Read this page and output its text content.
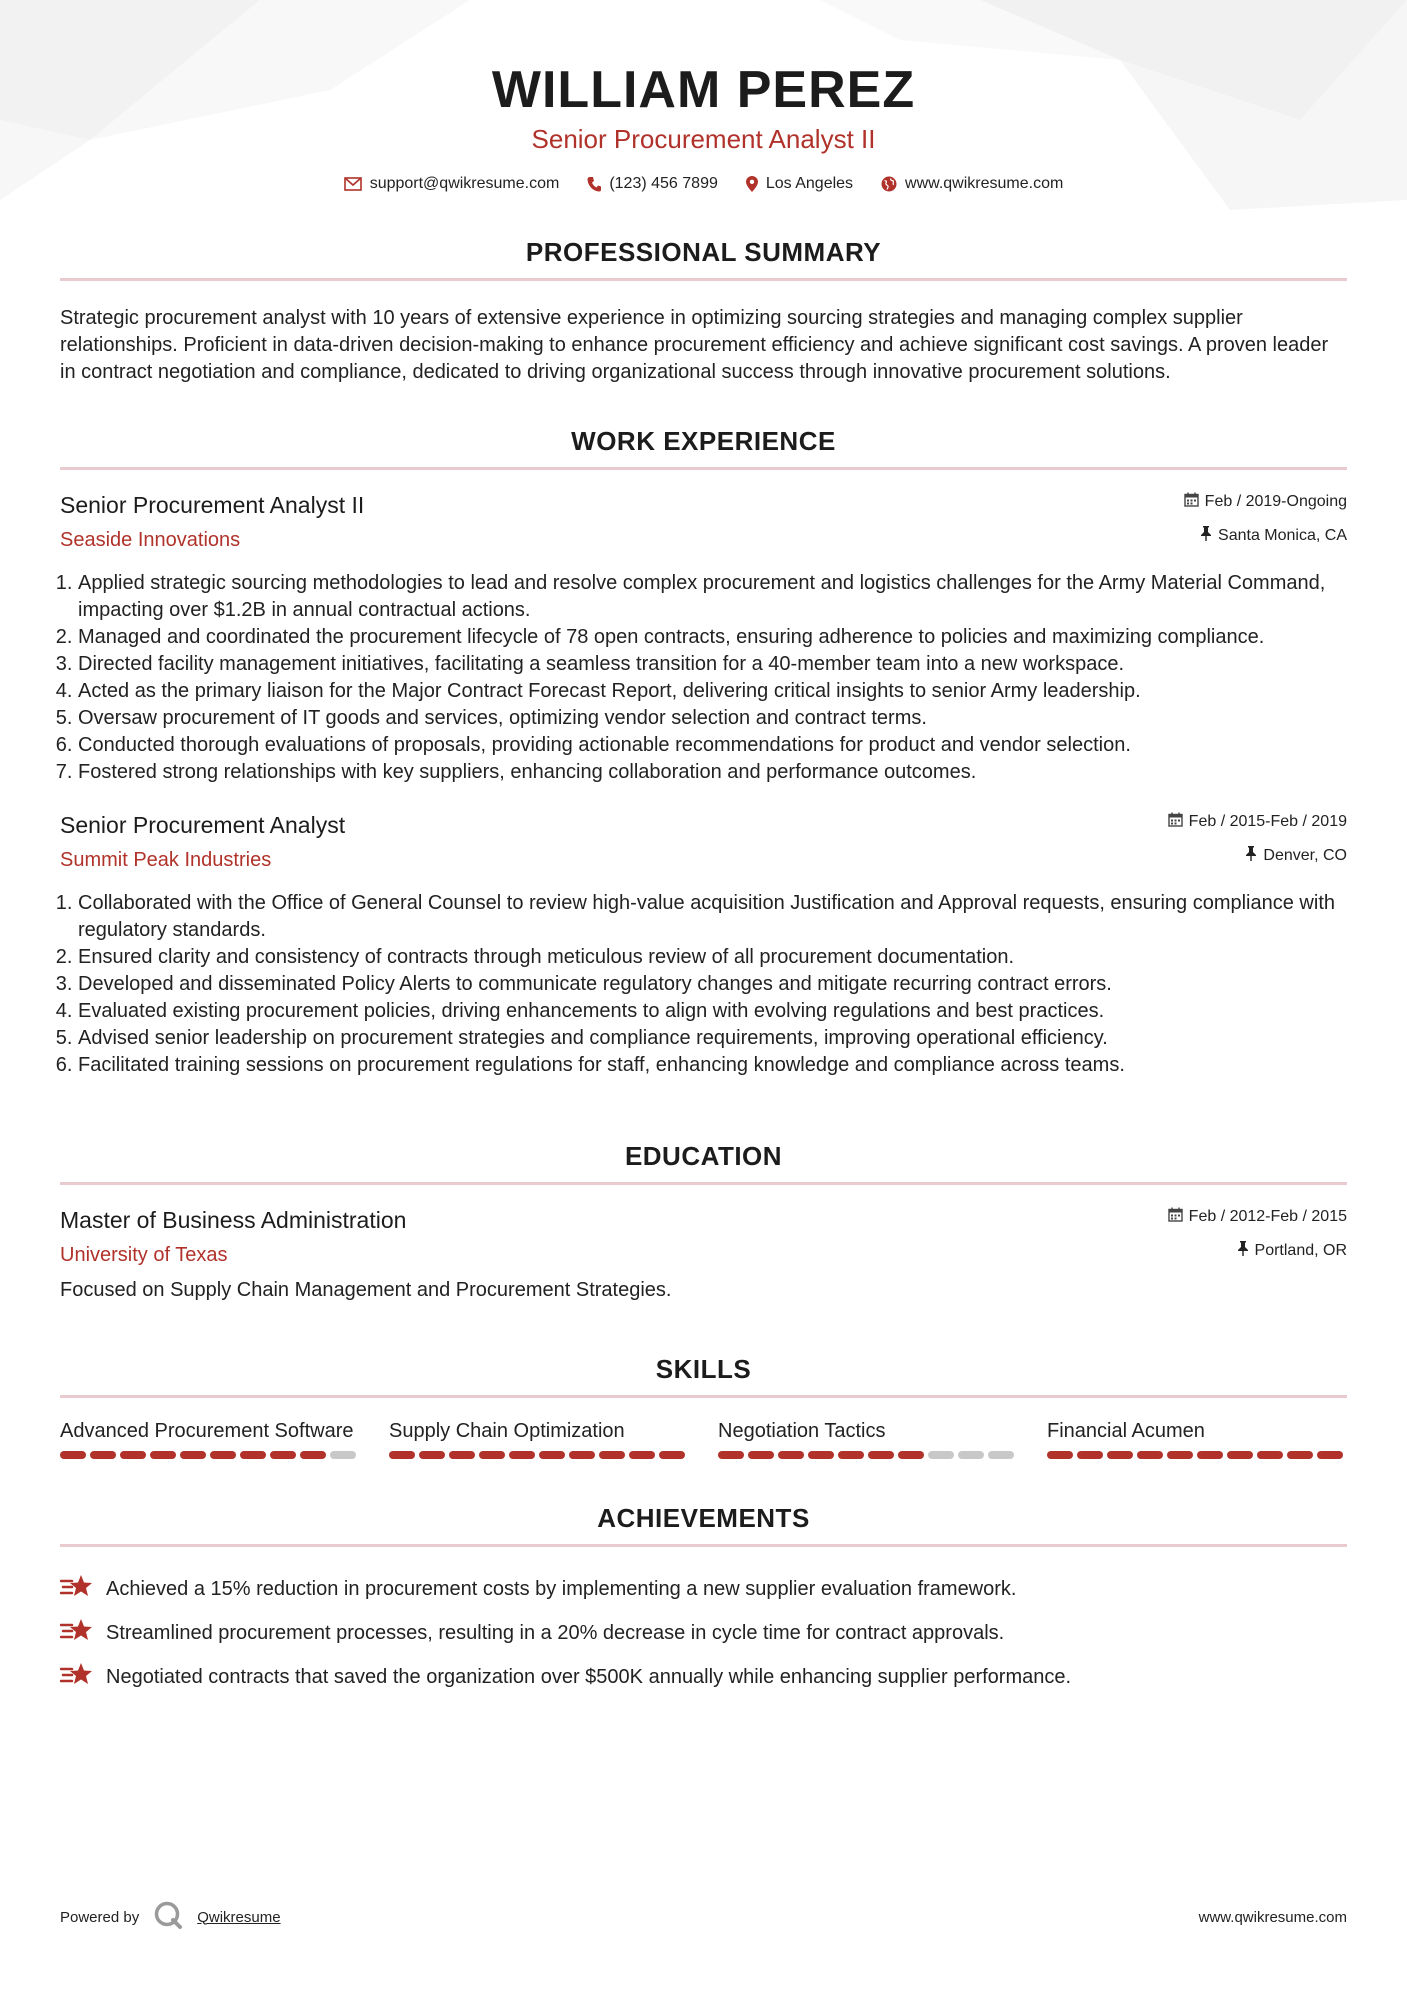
WILLIAM PEREZ
Senior Procurement Analyst II
support@qwikresume.com	(123) 456 7899	Los Angeles	www.qwikresume.com
PROFESSIONAL SUMMARY
Strategic procurement analyst with 10 years of extensive experience in optimizing sourcing strategies and managing complex supplier relationships. Proficient in data-driven decision-making to enhance procurement efficiency and achieve significant cost savings. A proven leader in contract negotiation and compliance, dedicated to driving organizational success through innovative procurement solutions.
WORK EXPERIENCE
Senior Procurement Analyst II
Seaside Innovations
Feb / 2019-Ongoing
Santa Monica, CA
1. Applied strategic sourcing methodologies to lead and resolve complex procurement and logistics challenges for the Army Material Command, impacting over $1.2B in annual contractual actions.
2. Managed and coordinated the procurement lifecycle of 78 open contracts, ensuring adherence to policies and maximizing compliance.
3. Directed facility management initiatives, facilitating a seamless transition for a 40-member team into a new workspace.
4. Acted as the primary liaison for the Major Contract Forecast Report, delivering critical insights to senior Army leadership.
5. Oversaw procurement of IT goods and services, optimizing vendor selection and contract terms.
6. Conducted thorough evaluations of proposals, providing actionable recommendations for product and vendor selection.
7. Fostered strong relationships with key suppliers, enhancing collaboration and performance outcomes.
Senior Procurement Analyst
Summit Peak Industries
Feb / 2015-Feb / 2019
Denver, CO
1. Collaborated with the Office of General Counsel to review high-value acquisition Justification and Approval requests, ensuring compliance with regulatory standards.
2. Ensured clarity and consistency of contracts through meticulous review of all procurement documentation.
3. Developed and disseminated Policy Alerts to communicate regulatory changes and mitigate recurring contract errors.
4. Evaluated existing procurement policies, driving enhancements to align with evolving regulations and best practices.
5. Advised senior leadership on procurement strategies and compliance requirements, improving operational efficiency.
6. Facilitated training sessions on procurement regulations for staff, enhancing knowledge and compliance across teams.
EDUCATION
Master of Business Administration
University of Texas
Feb / 2012-Feb / 2015
Portland, OR
Focused on Supply Chain Management and Procurement Strategies.
SKILLS
Advanced Procurement Software	Supply Chain Optimization	Negotiation Tactics	Financial Acumen
ACHIEVEMENTS
Achieved a 15% reduction in procurement costs by implementing a new supplier evaluation framework.
Streamlined procurement processes, resulting in a 20% decrease in cycle time for contract approvals.
Negotiated contracts that saved the organization over $500K annually while enhancing supplier performance.
Powered by	Qwikresume	www.qwikresume.com
